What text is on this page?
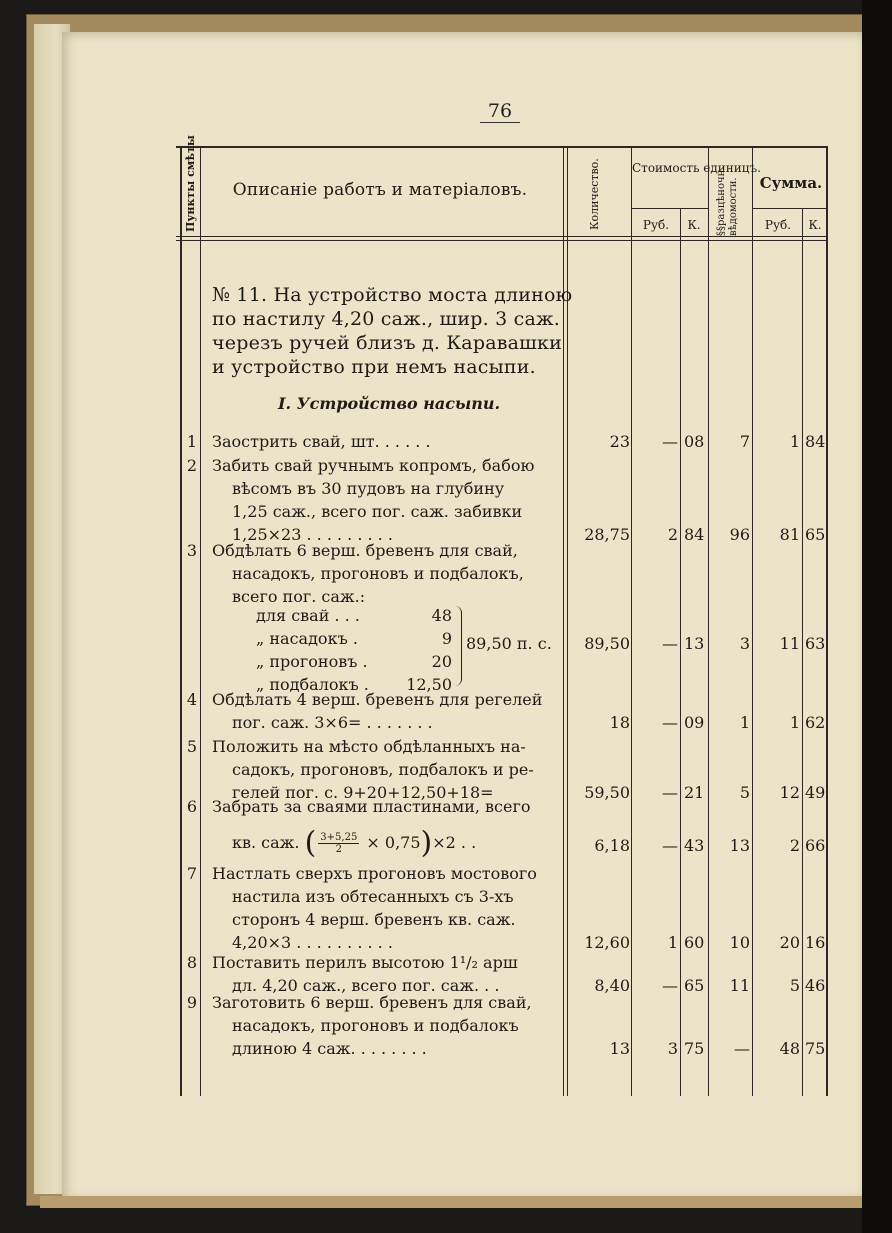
76
Пункты смѣты	Описаніе работъ и матеріаловъ.	Количество.	Стоимость единицъ.
Руб.	К.	§§разцѣночн. вѣдомости.	Сумма.
Руб.	К.
№ 11. На устройство моста длиною
по настилу 4,20 саж., шир. 3 саж.
черезъ ручей близъ д. Каравашки
и устройство при немъ насыпи.
I. Устройство насыпи.
1 Заострить свай, шт. . . . . .	23	— 08	7	1 84
2 Забить свай ручнымъ копромъ, бабою
вѣсомъ въ 30 пудовъ на глубину
1,25 саж., всего пог. саж. забивки
1,25×23 . . . . . . . . .	28,75	2 84	96	81 65
3 Обдѣлать 6 верш. бревенъ для свай,
насадокъ, прогоновъ и подбалокъ,
всего пог. саж.:
для свай . . .	48
„ насадокъ .	9
„ прогоновъ .	20
„ подбалокъ .	12,50
89,50 п. с.	89,50	— 13	3	11 63
4 Обдѣлать 4 верш. бревенъ для регелей
пог. саж. 3×6= . . . . . . .	18	— 09	1	1 62
5 Положить на мѣсто обдѣланныхъ на-
садокъ, прогоновъ, подбалокъ и ре-
гелей пог. с. 9+20+12,50+18=	59,50	— 21	5	12 49
6 Забрать за сваями пластинами, всего
кв. саж. ( $\frac{3+5,25}{2} \times 0,75)\times 2$ . .	6,18	— 43	13	2 66
7 Настлать сверхъ прогоновъ мостового
настила изъ обтесанныхъ съ 3-хъ
сторонъ 4 верш. бревенъ кв. саж.
4,20×3 . . . . . . . . . .	12,60	1 60	10	20 16
8 Поставить перилъ высотою 1¹/₂ арш
дл. 4,20 саж., всего пог. саж. . .	8,40	— 65	11	5 46
9 Заготовить 6 верш. бревенъ для свай,
насадокъ, прогоновъ и подбалокъ
длиною 4 саж. . . . . . . .	13	3 75	—	48 75
